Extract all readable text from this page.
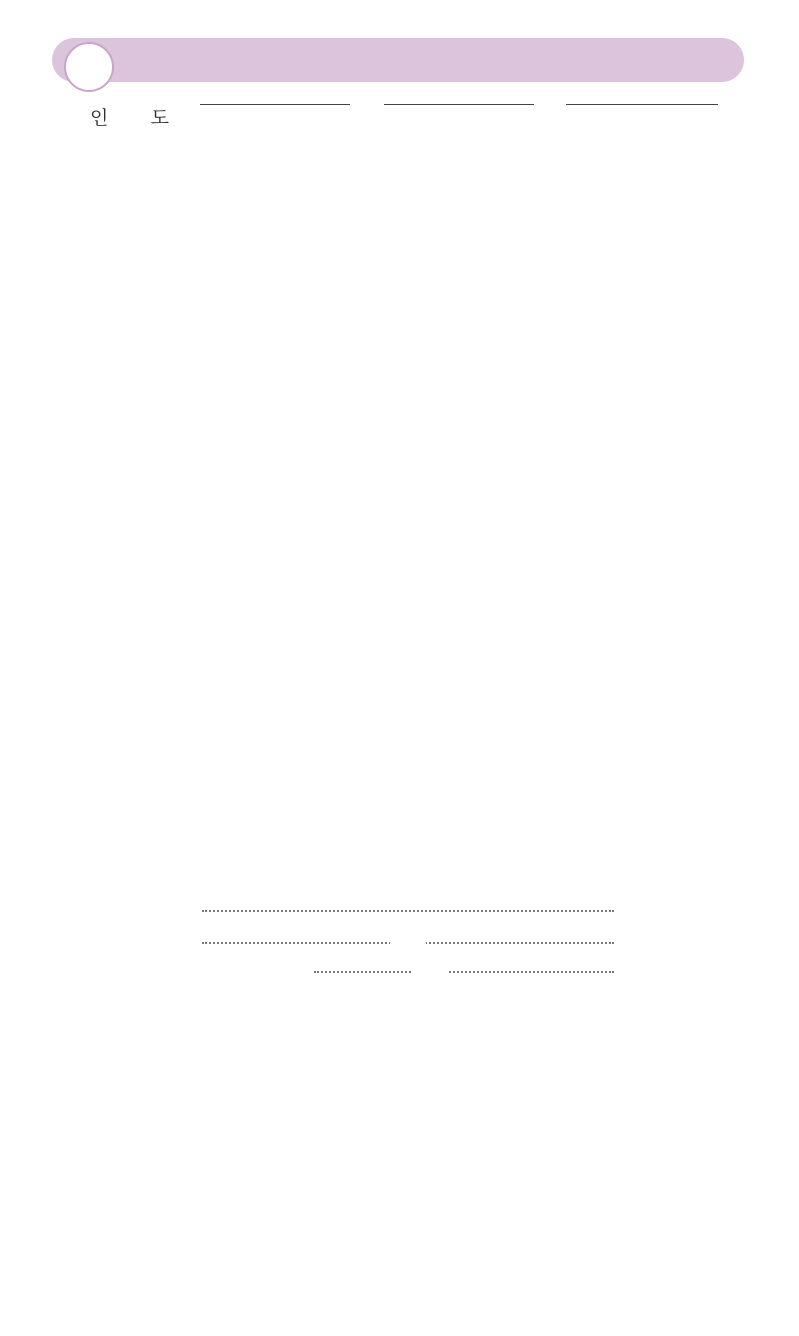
인       도
